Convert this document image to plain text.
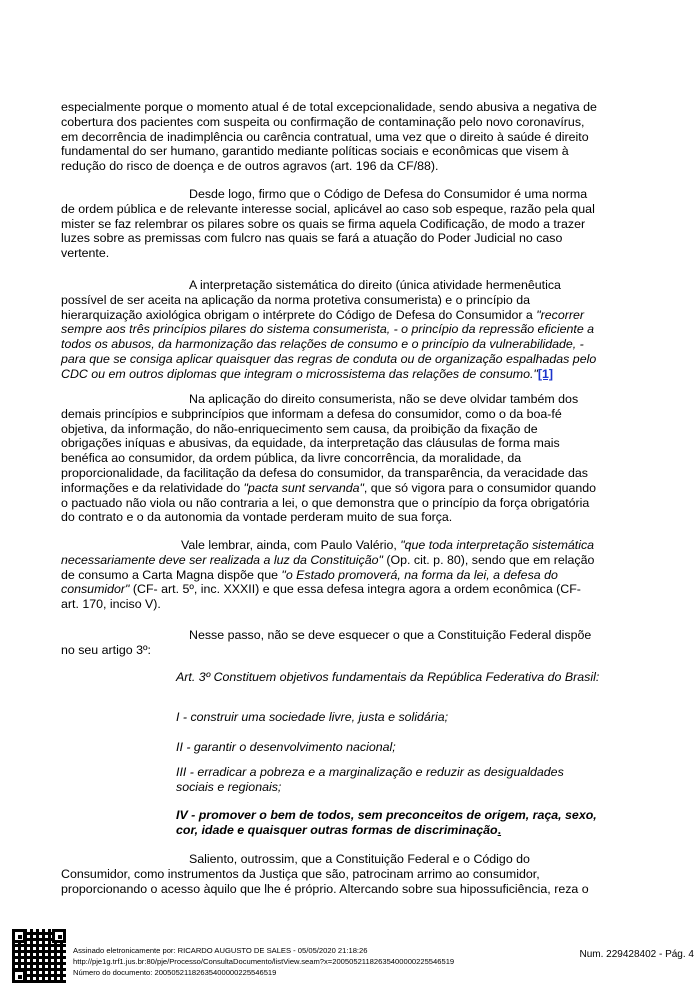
especialmente porque o momento atual é de total excepcionalidade, sendo abusiva a negativa de cobertura dos pacientes com suspeita ou confirmação de contaminação pelo novo coronavírus, em decorrência de inadimplência ou carência contratual, uma vez que o direito à saúde é direito fundamental do ser humano, garantido mediante políticas sociais e econômicas que visem à redução do risco de doença e de outros agravos (art. 196 da CF/88).

Desde logo, firmo que o Código de Defesa do Consumidor é uma norma de ordem pública e de relevante interesse social, aplicável ao caso sob espeque, razão pela qual mister se faz relembrar os pilares sobre os quais se firma aquela Codificação, de modo a trazer luzes sobre as premissas com fulcro nas quais se fará a atuação do Poder Judicial no caso vertente.

A interpretação sistemática do direito (única atividade hermenêutica possível de ser aceita na aplicação da norma protetiva consumerista) e o princípio da hierarquização axiológica obrigam o intérprete do Código de Defesa do Consumidor a "recorrer sempre aos três princípios pilares do sistema consumerista, - o princípio da repressão eficiente a todos os abusos, da harmonização das relações de consumo e o princípio da vulnerabilidade, - para que se consiga aplicar quaisquer das regras de conduta ou de organização espalhadas pelo CDC ou em outros diplomas que integram o microssistema das relações de consumo."[1]

Na aplicação do direito consumerista, não se deve olvidar também dos demais princípios e subprincípios que informam a defesa do consumidor, como o da boa-fé objetiva, da informação, do não-enriquecimento sem causa, da proibição da fixação de obrigações iníquas e abusivas, da equidade, da interpretação das cláusulas de forma mais benéfica ao consumidor, da ordem pública, da livre concorrência, da moralidade, da proporcionalidade, da facilitação da defesa do consumidor, da transparência, da veracidade das informações e da relatividade do "pacta sunt servanda", que só vigora para o consumidor quando o pactuado não viola ou não contraria a lei, o que demonstra que o princípio da força obrigatória do contrato e o da autonomia da vontade perderam muito de sua força.

Vale lembrar, ainda, com Paulo Valério, "que toda interpretação sistemática necessariamente deve ser realizada a luz da Constituição" (Op. cit. p. 80), sendo que em relação de consumo a Carta Magna dispõe que "o Estado promoverá, na forma da lei, a defesa do consumidor" (CF- art. 5º, inc. XXXII) e que essa defesa integra agora a ordem econômica (CF- art. 170, inciso V).

Nesse passo, não se deve esquecer o que a Constituição Federal dispõe no seu artigo 3º:

Art. 3º Constituem objetivos fundamentais da República Federativa do Brasil:
I - construir uma sociedade livre, justa e solidária;
II - garantir o desenvolvimento nacional;
III - erradicar a pobreza e a marginalização e reduzir as desigualdades sociais e regionais;
IV - promover o bem de todos, sem preconceitos de origem, raça, sexo, cor, idade e quaisquer outras formas de discriminação.

Saliento, outrossim, que a Constituição Federal e o Código do Consumidor, como instrumentos da Justiça que são, patrocinam arrimo ao consumidor, proporcionando o acesso àquilo que lhe é próprio. Altercando sobre sua hipossuficiência, reza o

Assinado eletronicamente por: RICARDO AUGUSTO DE SALES - 05/05/2020 21:18:26
http://pje1g.trf1.jus.br:80/pje/Processo/ConsultaDocumento/listView.seam?x=20050521182635400000225546519
Número do documento: 20050521182635400000225546519
Num. 229428402 - Pág. 4
